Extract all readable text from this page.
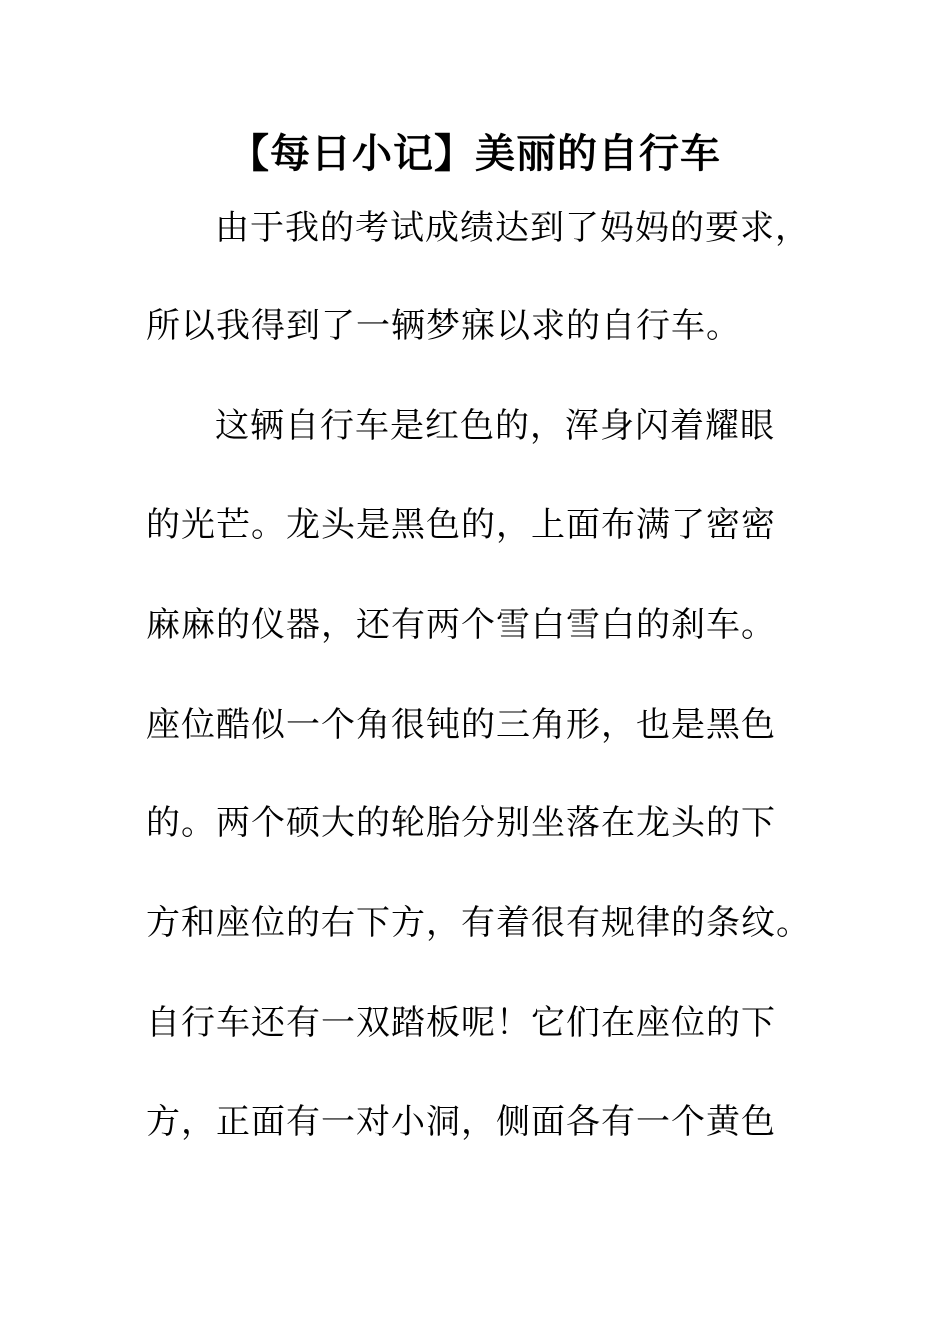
【每日小记】美丽的自行车
由于我的考试成绩达到了妈妈的要求，
所以我得到了一辆梦寐以求的自行车。
这辆自行车是红色的，浑身闪着耀眼
的光芒。龙头是黑色的，上面布满了密密
麻麻的仪器，还有两个雪白雪白的刹车。
座位酷似一个角很钝的三角形，也是黑色
的。两个硕大的轮胎分别坐落在龙头的下
方和座位的右下方，有着很有规律的条纹。
自行车还有一双踏板呢！它们在座位的下
方，正面有一对小洞，侧面各有一个黄色
